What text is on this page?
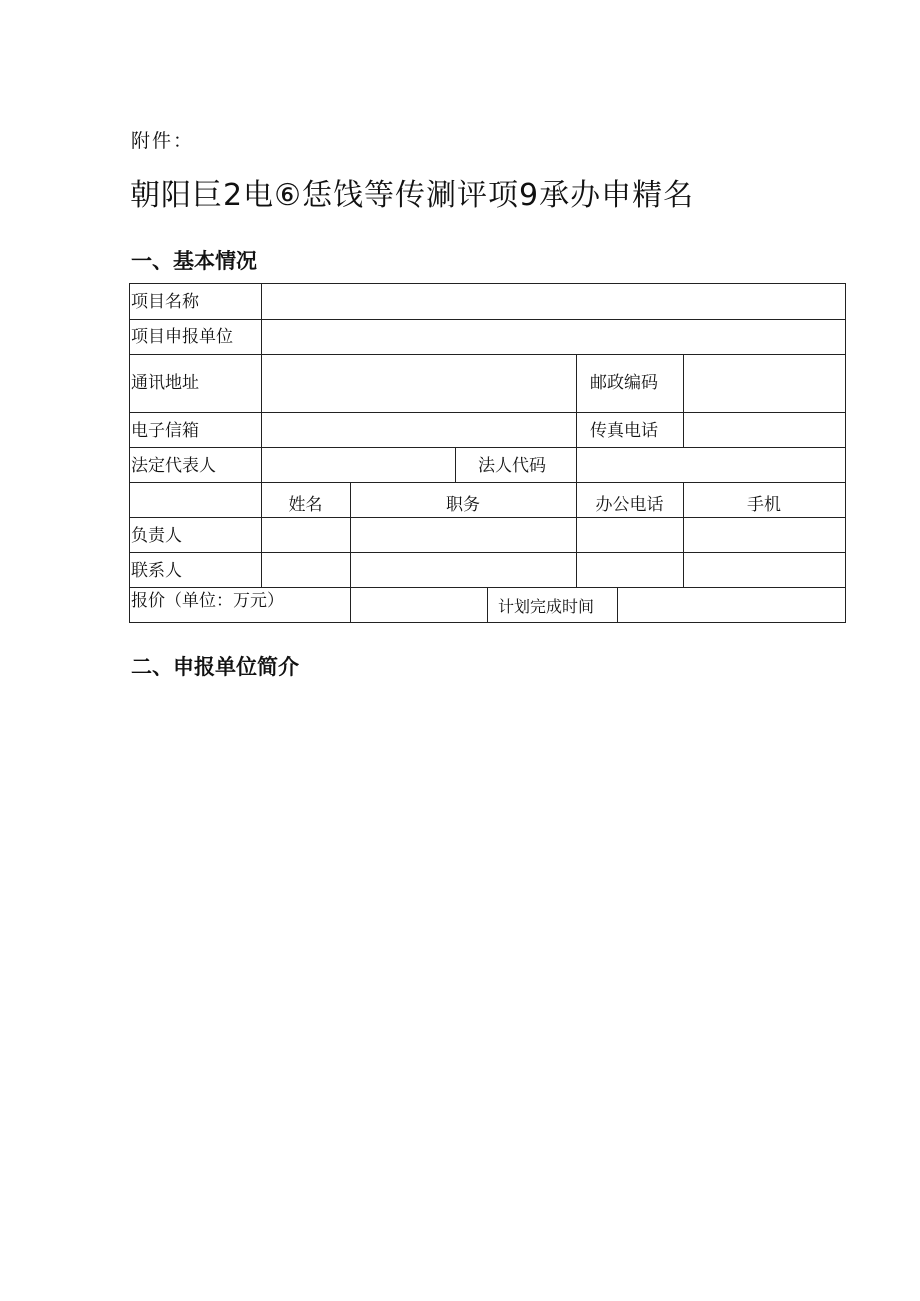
附件：
朝阳巨2电⑥恁饯等传涮评项9承办申精名
一、基本情况
项目名称
项目申报单位
通讯地址	邮政编码
电子信箱	传真电话
法定代表人	法人代码
姓名	职务	办公电话	手机
负责人
联系人
报价（单位：万元）	计划完成时间
二、申报单位简介
